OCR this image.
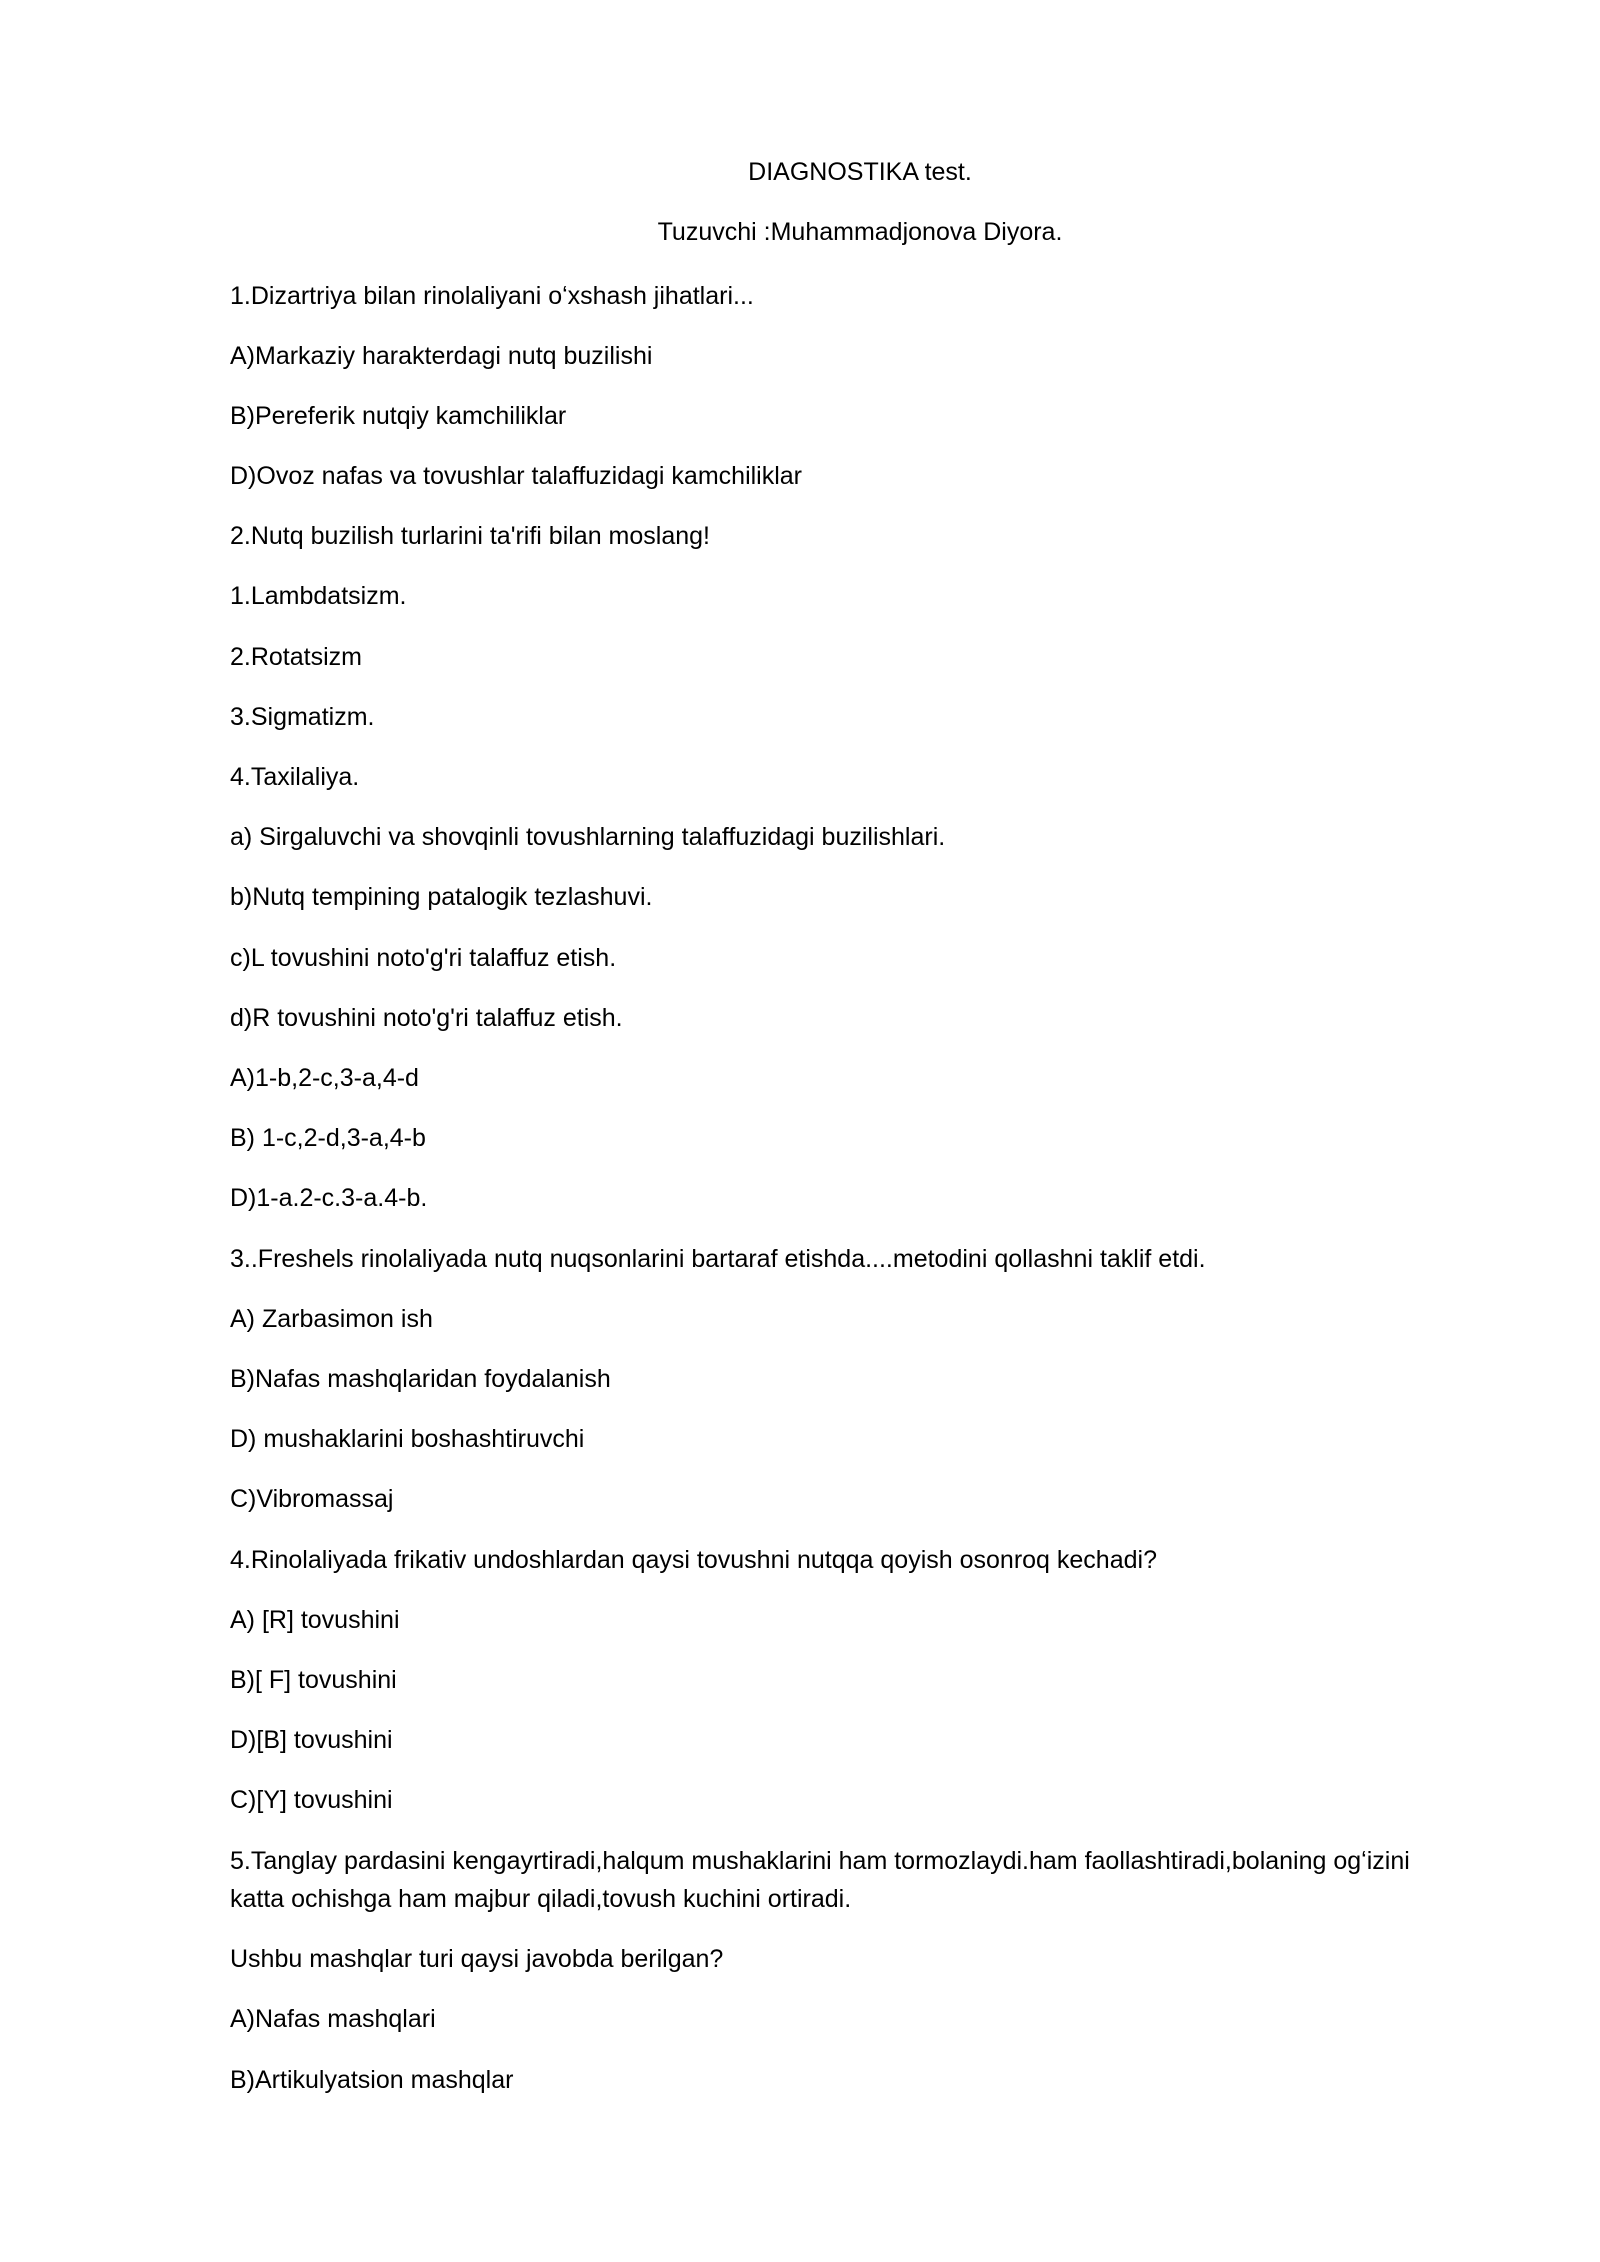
DIAGNOSTIKA test.
Tuzuvchi :Muhammadjonova Diyora.
1.Dizartriya bilan rinolaliyani oʻxshash jihatlari...
A)Markaziy harakterdagi nutq buzilishi
B)Pereferik nutqiy kamchiliklar
D)Ovoz nafas va tovushlar talaffuzidagi kamchiliklar
2.Nutq buzilish turlarini ta'rifi bilan moslang!
1.Lambdatsizm.
2.Rotatsizm
3.Sigmatizm.
4.Taxilaliya.
a) Sirgaluvchi va shovqinli tovushlarning talaffuzidagi buzilishlari.
b)Nutq tempining patalogik tezlashuvi.
c)L tovushini noto'g'ri talaffuz etish.
d)R tovushini noto'g'ri talaffuz etish.
A)1-b,2-c,3-a,4-d
B) 1-c,2-d,3-a,4-b
D)1-a.2-c.3-a.4-b.
3..Freshels rinolaliyada nutq nuqsonlarini bartaraf etishda....metodini qollashni taklif etdi.
A) Zarbasimon ish
B)Nafas mashqlaridan foydalanish
D) mushaklarini boshashtiruvchi
C)Vibromassaj
4.Rinolaliyada frikativ undoshlardan qaysi tovushni nutqqa qoyish osonroq kechadi?
A) [R] tovushini
B)[ F] tovushini
D)[B] tovushini
C)[Y] tovushini
5.Tanglay pardasini kengayrtiradi,halqum mushaklarini ham tormozlaydi.ham faollashtiradi,bolaning ogʻizini katta ochishga ham majbur qiladi,tovush kuchini ortiradi.
Ushbu mashqlar turi qaysi javobda berilgan?
A)Nafas mashqlari
B)Artikulyatsion mashqlar
